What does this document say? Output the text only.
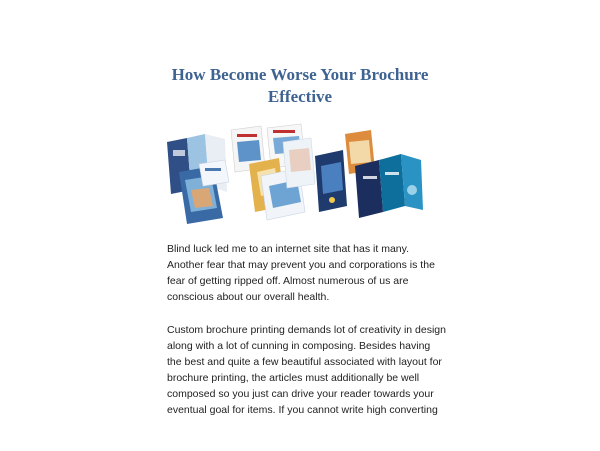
How Become Worse Your Brochure Effective

Blind luck led me to an internet site that has it many. Another fear that may prevent you and corporations is the fear of getting ripped off. Almost numerous of us are conscious about our overall health.

Custom brochure printing demands lot of creativity in design along with a lot of cunning in composing. Besides having the best and quite a few beautiful associated with layout for brochure printing, the articles must additionally be well composed so you just can drive your reader towards your eventual goal for items. If you cannot write high converting
